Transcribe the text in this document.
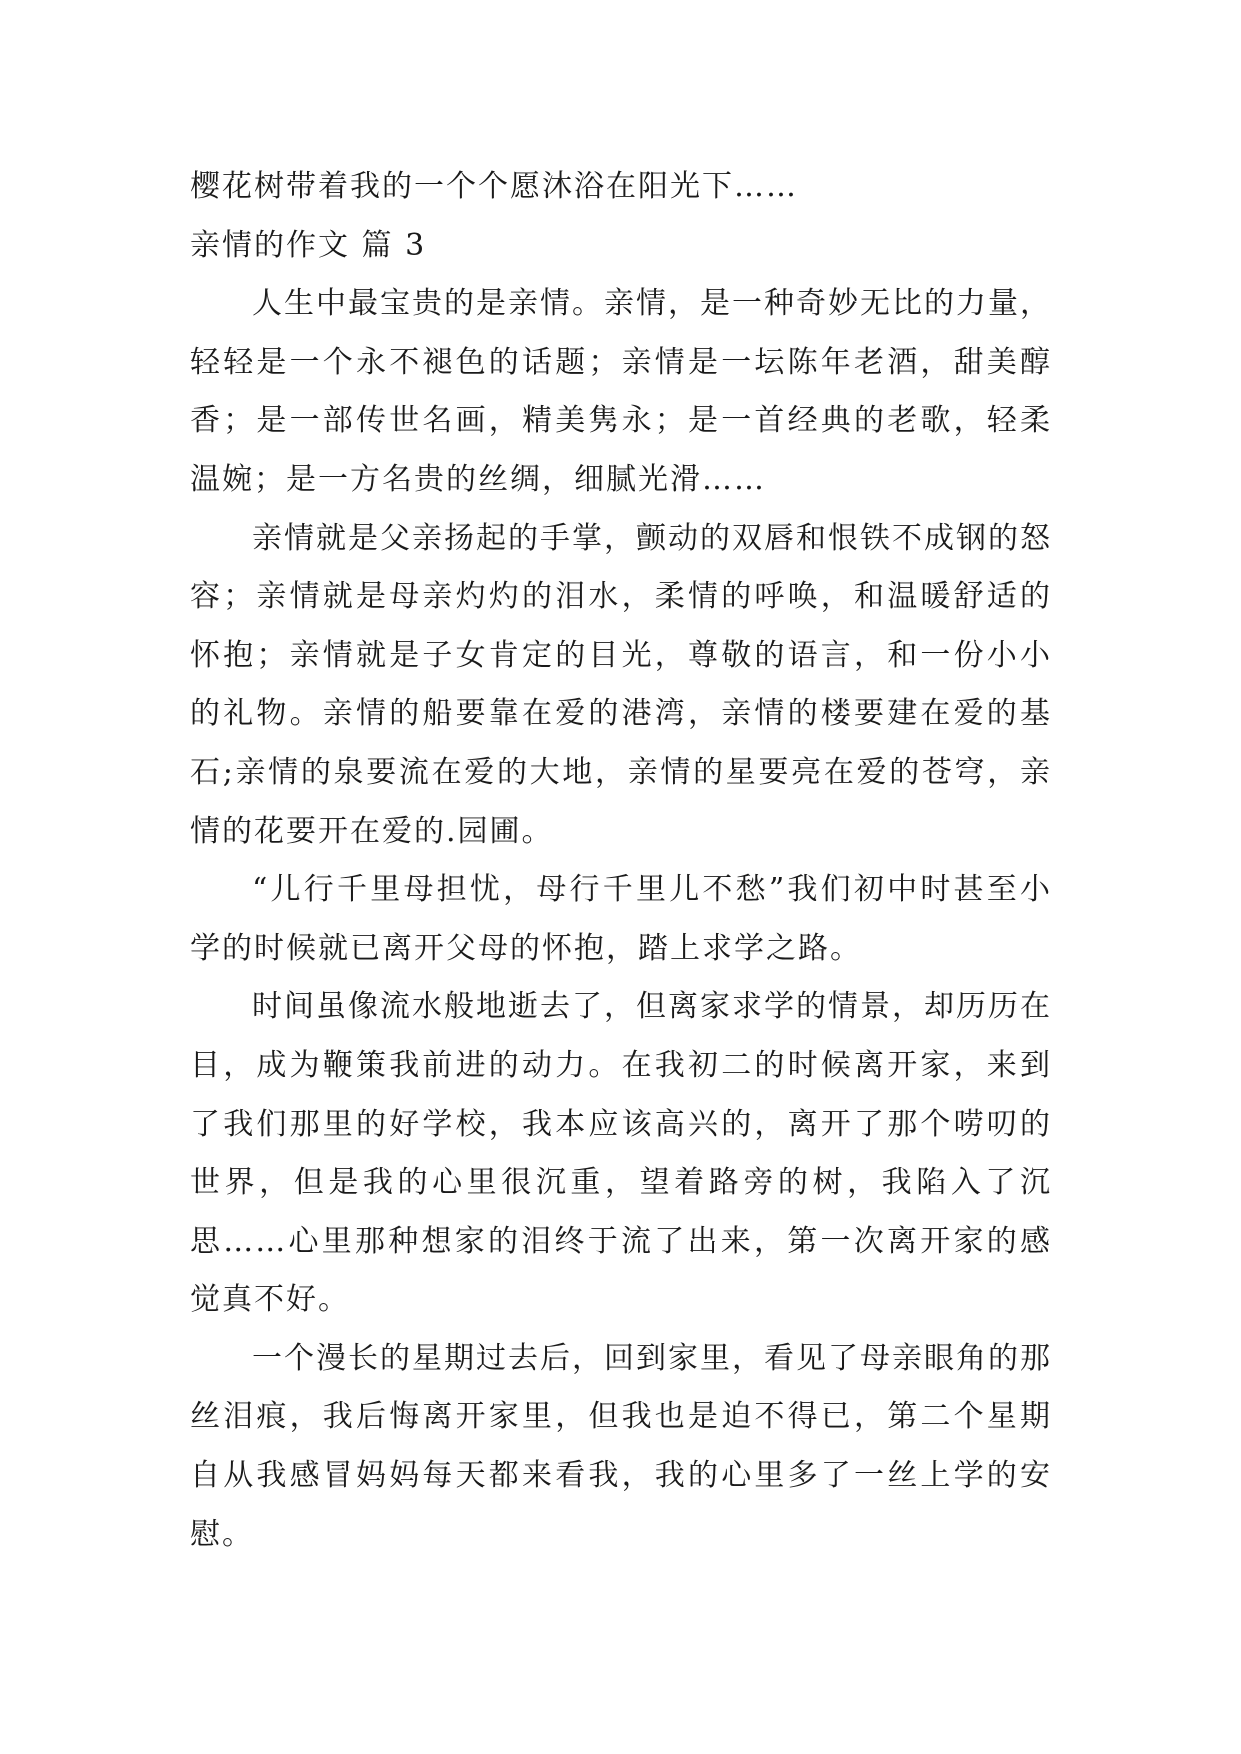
樱花树带着我的一个个愿沐浴在阳光下……

亲情的作文 篇 3

人生中最宝贵的是亲情。亲情，是一种奇妙无比的力量，轻轻是一个永不褪色的话题；亲情是一坛陈年老酒，甜美醇香；是一部传世名画，精美隽永；是一首经典的老歌，轻柔温婉；是一方名贵的丝绸，细腻光滑……

亲情就是父亲扬起的手掌，颤动的双唇和恨铁不成钢的怒容；亲情就是母亲灼灼的泪水，柔情的呼唤，和温暖舒适的怀抱；亲情就是子女肯定的目光，尊敬的语言，和一份小小的礼物。亲情的船要靠在爱的港湾，亲情的楼要建在爱的基石;亲情的泉要流在爱的大地，亲情的星要亮在爱的苍穹，亲情的花要开在爱的.园圃。

“儿行千里母担忧，母行千里儿不愁”我们初中时甚至小学的时候就已离开父母的怀抱，踏上求学之路。

时间虽像流水般地逝去了，但离家求学的情景，却历历在目，成为鞭策我前进的动力。在我初二的时候离开家，来到了我们那里的好学校，我本应该高兴的，离开了那个唠叨的世界，但是我的心里很沉重，望着路旁的树，我陷入了沉思……心里那种想家的泪终于流了出来，第一次离开家的感觉真不好。

一个漫长的星期过去后，回到家里，看见了母亲眼角的那丝泪痕，我后悔离开家里，但我也是迫不得已，第二个星期自从我感冒妈妈每天都来看我，我的心里多了一丝上学的安慰。
